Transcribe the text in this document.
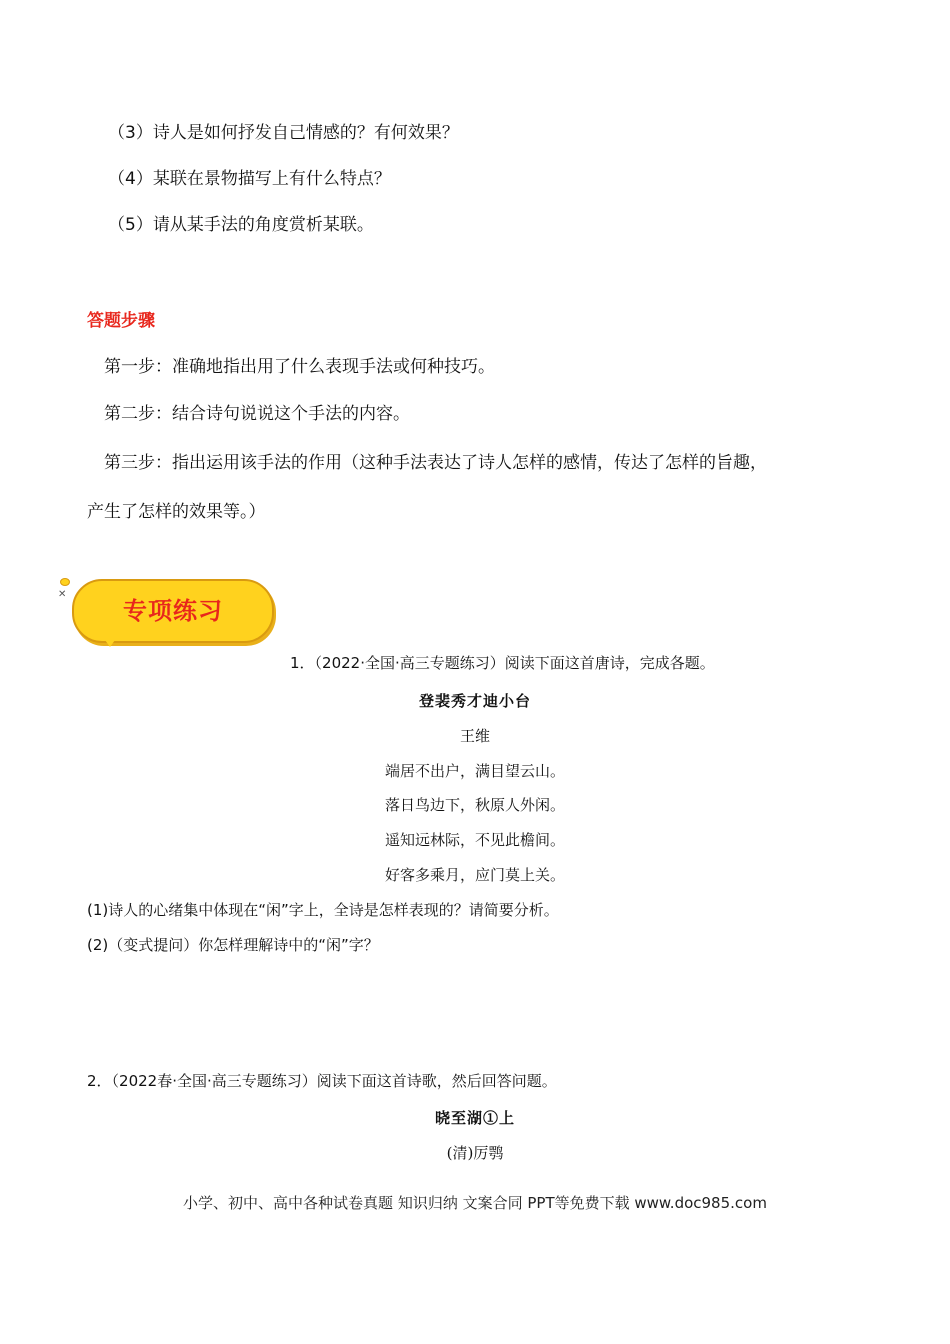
（3）诗人是如何抒发自己情感的？有何效果？
（4）某联在景物描写上有什么特点？
（5）请从某手法的角度赏析某联。
答题步骤
第一步：准确地指出用了什么表现手法或何种技巧。
第二步：结合诗句说说这个手法的内容。
第三步：指出运用该手法的作用（这种手法表达了诗人怎样的感情，传达了怎样的旨趣，
产生了怎样的效果等。）
✕
专项练习
1．（2022·全国·高三专题练习）阅读下面这首唐诗，完成各题。
登裴秀才迪小台
王维
端居不出户，满目望云山。
落日鸟边下，秋原人外闲。
遥知远林际，不见此檐间。
好客多乘月，应门莫上关。
(1)诗人的心绪集中体现在“闲”字上，全诗是怎样表现的？请简要分析。
(2)（变式提问）你怎样理解诗中的“闲”字？
2．（2022春·全国·高三专题练习）阅读下面这首诗歌，然后回答问题。
晓至湖①上
(清)厉鹗
小学、初中、高中各种试卷真题 知识归纳 文案合同 PPT等免费下载 www.doc985.com
